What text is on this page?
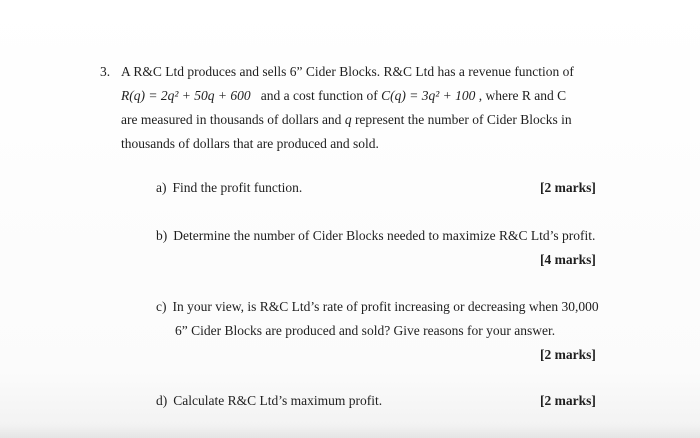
3. A R&C Ltd produces and sells 6” Cider Blocks. R&C Ltd has a revenue function of
R(q) = 2q² + 50q + 600 and a cost function of C(q) = 3q² + 100 , where R and C
are measured in thousands of dollars and q represent the number of Cider Blocks in
thousands of dollars that are produced and sold.
a) Find the profit function.	[2 marks]
b) Determine the number of Cider Blocks needed to maximize R&C Ltd’s profit.
[4 marks]
c) In your view, is R&C Ltd’s rate of profit increasing or decreasing when 30,000
6” Cider Blocks are produced and sold? Give reasons for your answer.
[2 marks]
d) Calculate R&C Ltd’s maximum profit.	[2 marks]
